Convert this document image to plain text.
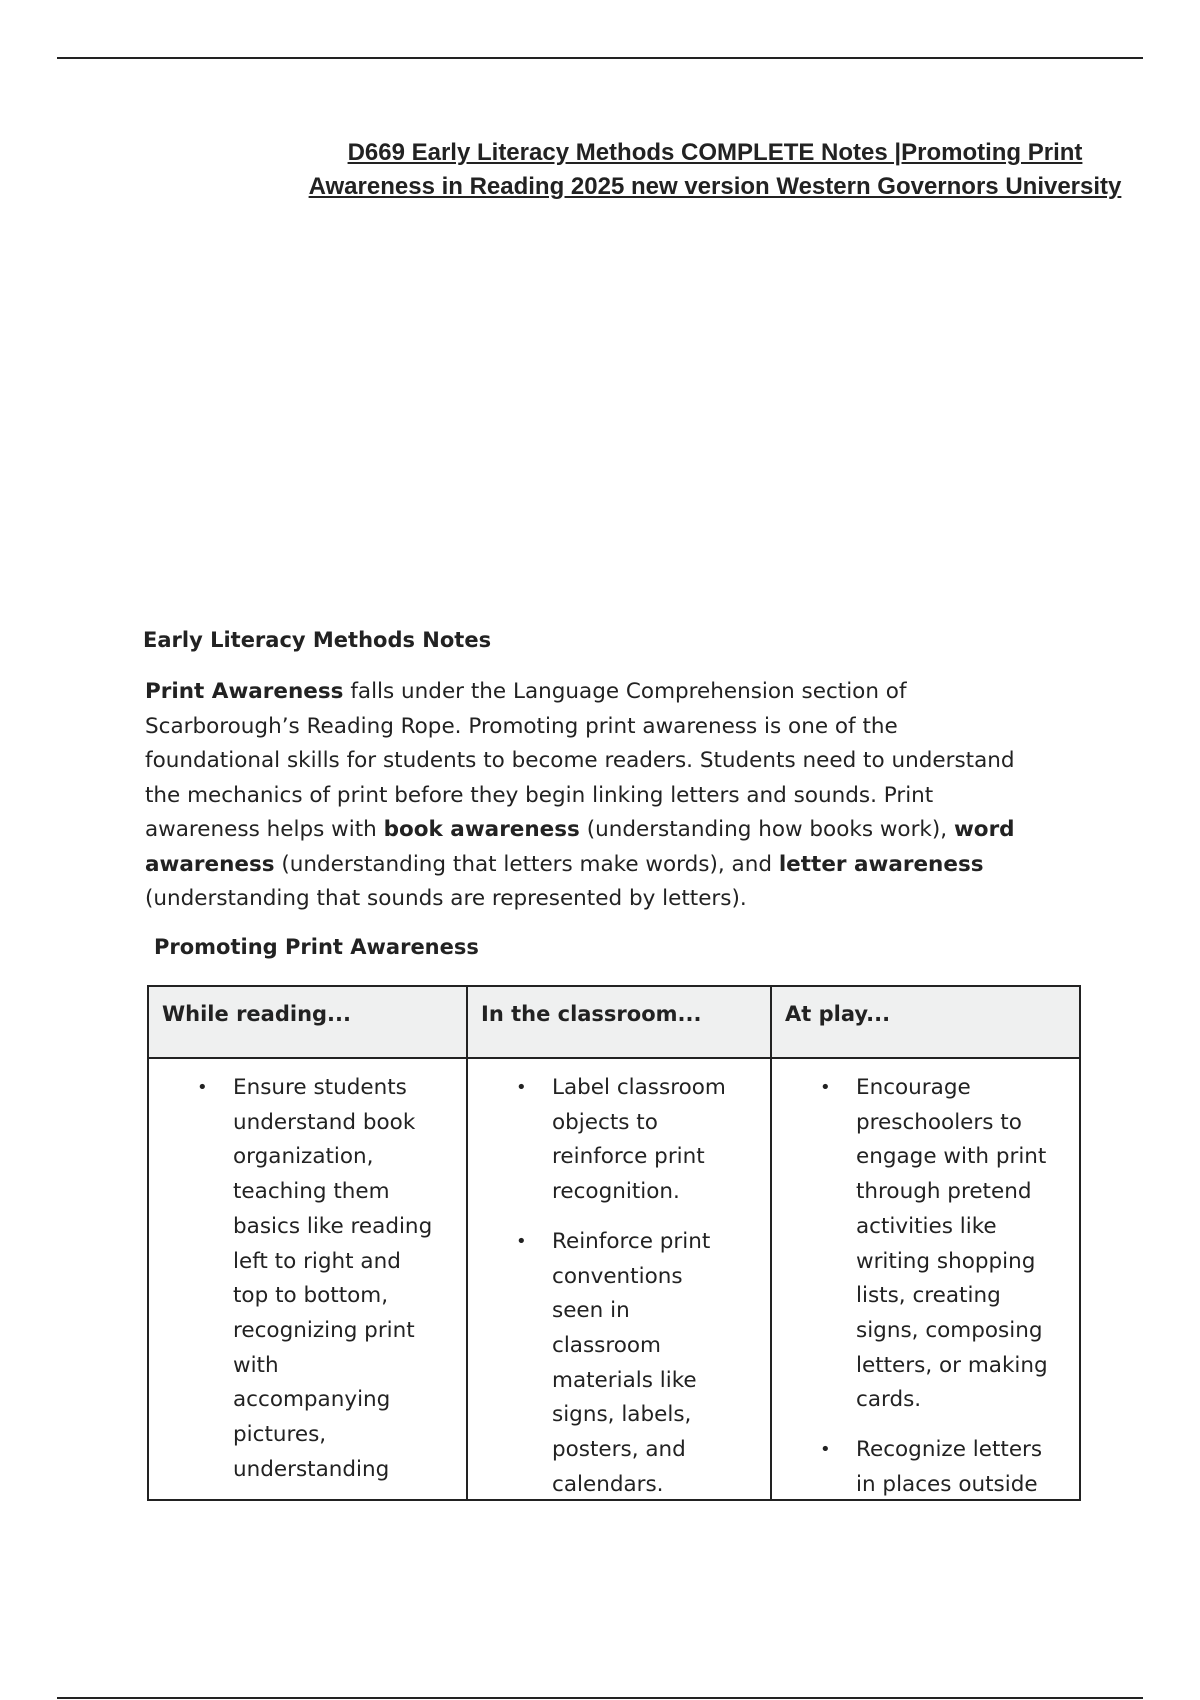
D669 Early Literacy Methods COMPLETE Notes |Promoting Print
Awareness in Reading 2025 new version Western Governors University
Early Literacy Methods Notes
Print Awareness falls under the Language Comprehension section of
Scarborough’s Reading Rope. Promoting print awareness is one of the
foundational skills for students to become readers. Students need to understand
the mechanics of print before they begin linking letters and sounds. Print
awareness helps with book awareness (understanding how books work), word
awareness (understanding that letters make words), and letter awareness
(understanding that sounds are represented by letters).
Promoting Print Awareness
While reading...
• Ensure students
understand book
organization,
teaching them
basics like reading
left to right and
top to bottom,
recognizing print
with
accompanying
pictures,
understanding
In the classroom...
• Label classroom
objects to
reinforce print
recognition.
• Reinforce print
conventions
seen in
classroom
materials like
signs, labels,
posters, and
calendars.
At play...
• Encourage
preschoolers to
engage with print
through pretend
activities like
writing shopping
lists, creating
signs, composing
letters, or making
cards.
• Recognize letters
in places outside
